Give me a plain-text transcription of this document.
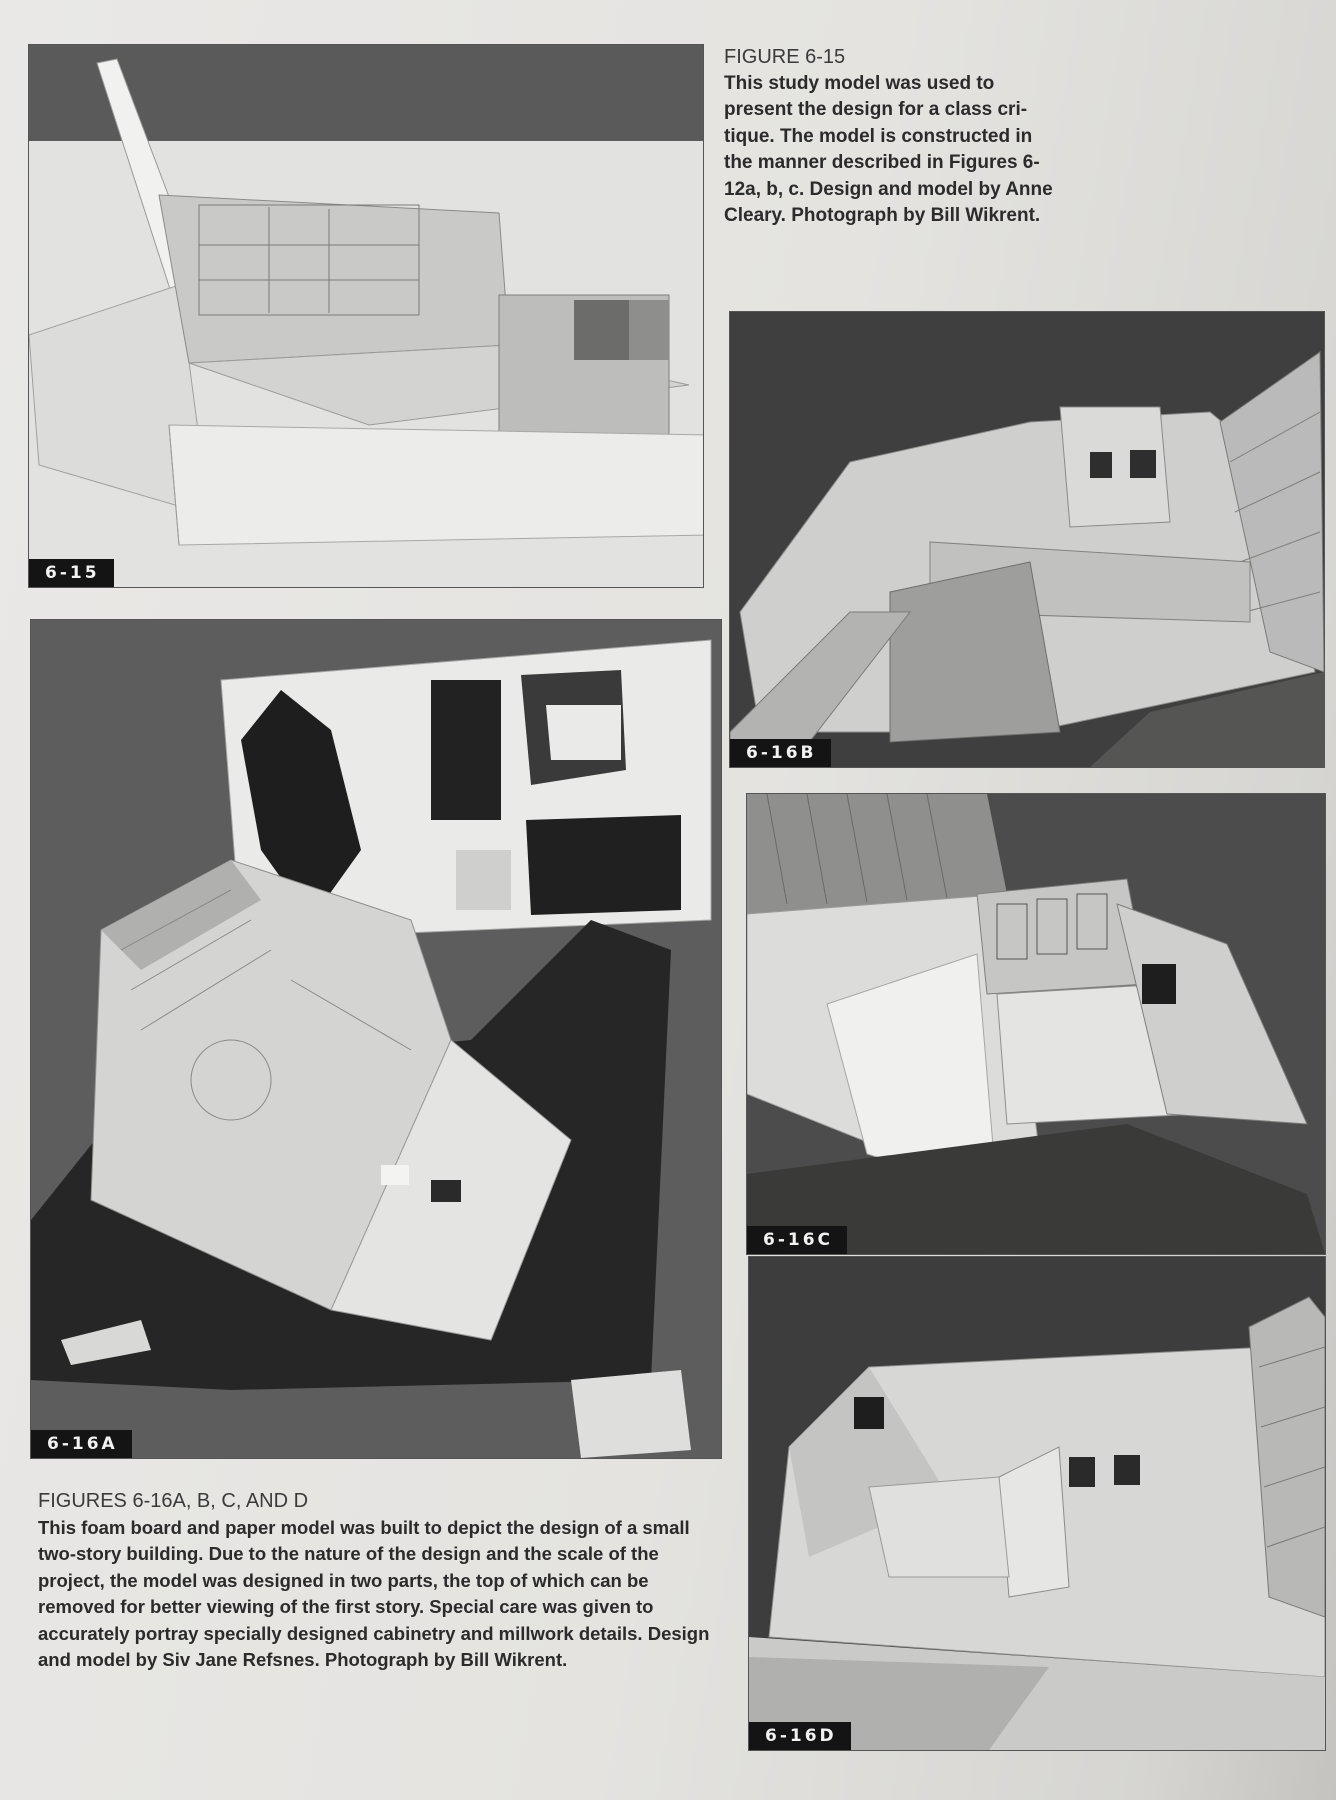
6-15
FIGURE 6-15
This study model was used to present the design for a class cri-tique. The model is constructed in the manner described in Figures 6-12a, b, c. Design and model by Anne Cleary. Photograph by Bill Wikrent.
6-16B
6-16A
6-16C
FIGURES 6-16A, B, C, AND D
This foam board and paper model was built to depict the design of a small two-story building. Due to the nature of the design and the scale of the project, the model was designed in two parts, the top of which can be removed for better viewing of the first story. Special care was given to accurately portray specially designed cabinetry and millwork details. Design and model by Siv Jane Refsnes. Photograph by Bill Wikrent.
6-16D
